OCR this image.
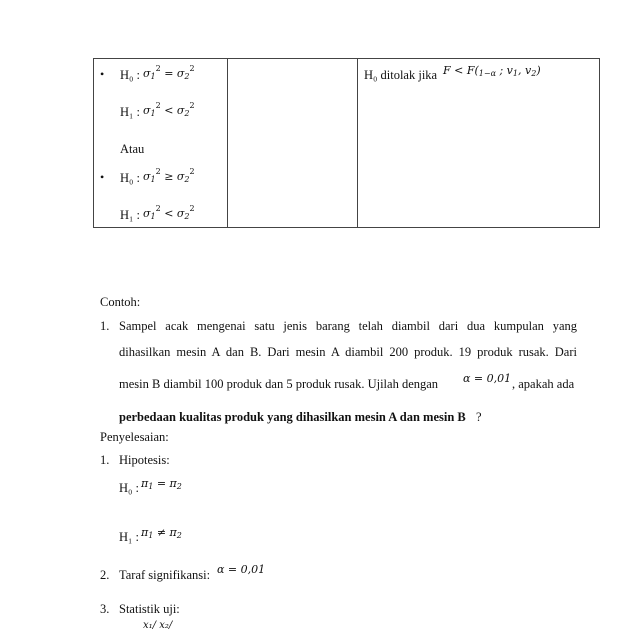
• H₀ : $\sigma_1^2 = \sigma_2^2$
H₁ : $\sigma_1^2 < \sigma_2^2$
Atau
• H₀ : $\sigma_1^2 \ge \sigma_2^2$
H₁ : $\sigma_1^2 < \sigma_2^2$
H₀ ditolak jika $F < F(_{1-\alpha}$ ; $v_1$, $v_2$)
Contoh:
1. Sampel acak mengenai satu jenis barang telah diambil dari dua kumpulan yang
dihasilkan mesin A dan B. Dari mesin A diambil 200 produk. 19 produk rusak. Dari
mesin B diambil 100 produk dan 5 produk rusak. Ujilah dengan α = 0,01 , apakah ada
perbedaan kualitas produk yang dihasilkan mesin A dan mesin B ?
Penyelesaian:
1. Hipotesis:
H₀ : $\pi_1 = \pi_2$
H₁ : $\pi_1 \ne \pi_2$
2. Taraf signifikansi: α = 0,01
3. Statistik uji:
x₁/ x₂/
